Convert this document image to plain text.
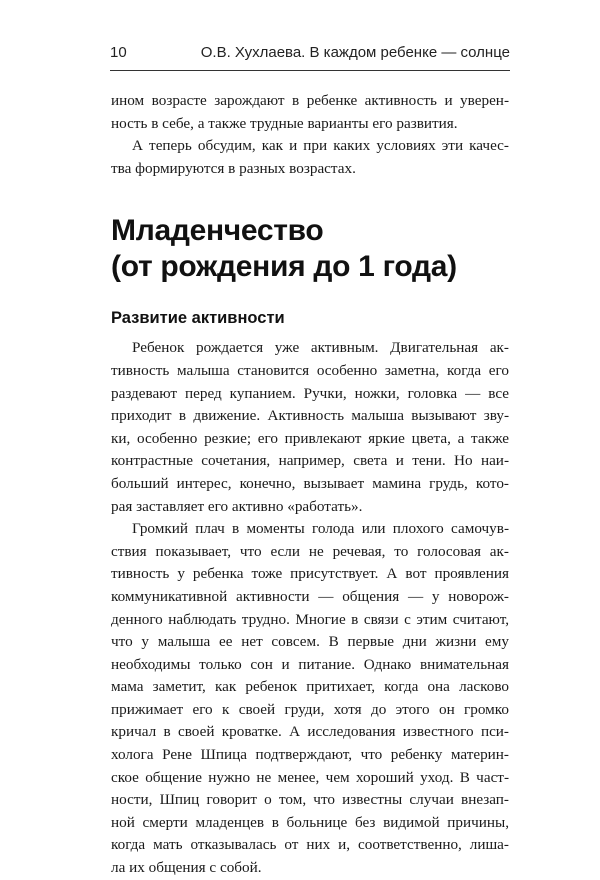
10	О.В. Хухлаева. В каждом ребенке — солнце
ином возрасте зарождают в ребенке активность и уверен-
ность в себе, а также трудные варианты его развития.
А теперь обсудим, как и при каких условиях эти качес-
тва формируются в разных возрастах.
Младенчество
(от рождения до 1 года)
Развитие активности
Ребенок рождается уже активным. Двигательная ак-
тивность малыша становится особенно заметна, когда его
раздевают перед купанием. Ручки, ножки, головка — все
приходит в движение. Активность малыша вызывают зву-
ки, особенно резкие; его привлекают яркие цвета, а также
контрастные сочетания, например, света и тени. Но наи-
больший интерес, конечно, вызывает мамина грудь, кото-
рая заставляет его активно «работать».
Громкий плач в моменты голода или плохого самочув-
ствия показывает, что если не речевая, то голосовая ак-
тивность у ребенка тоже присутствует. А вот проявления
коммуникативной активности — общения — у новорож-
денного наблюдать трудно. Многие в связи с этим считают,
что у малыша ее нет совсем. В первые дни жизни ему
необходимы только сон и питание. Однако внимательная
мама заметит, как ребенок притихает, когда она ласково
прижимает его к своей груди, хотя до этого он громко
кричал в своей кроватке. А исследования известного пси-
холога Рене Шпица подтверждают, что ребенку материн-
ское общение нужно не менее, чем хороший уход. В част-
ности, Шпиц говорит о том, что известны случаи внезап-
ной смерти младенцев в больнице без видимой причины,
когда мать отказывалась от них и, соответственно, лиша-
ла их общения с собой.
